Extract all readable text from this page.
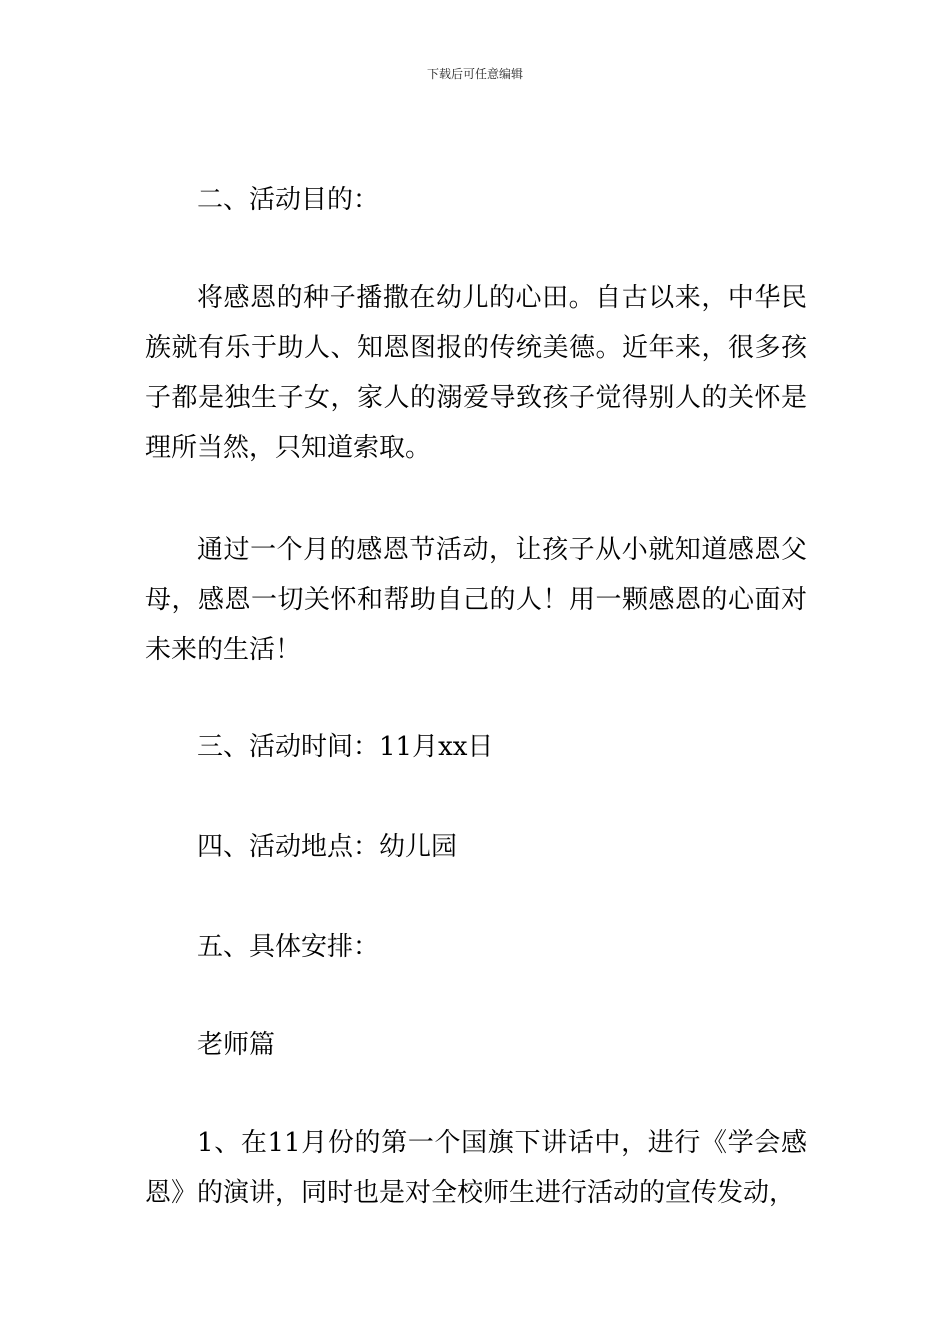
下载后可任意编辑

二、活动目的：

将感恩的种子播撒在幼儿的心田。自古以来，中华民族就有乐于助人、知恩图报的传统美德。近年来，很多孩子都是独生子女，家人的溺爱导致孩子觉得别人的关怀是理所当然，只知道索取。

通过一个月的感恩节活动，让孩子从小就知道感恩父母，感恩一切关怀和帮助自己的人！用一颗感恩的心面对未来的生活！

三、活动时间：11月xx日

四、活动地点：幼儿园

五、具体安排：

老师篇

1、在11月份的第一个国旗下讲话中，进行《学会感恩》的演讲，同时也是对全校师生进行活动的宣传发动，
